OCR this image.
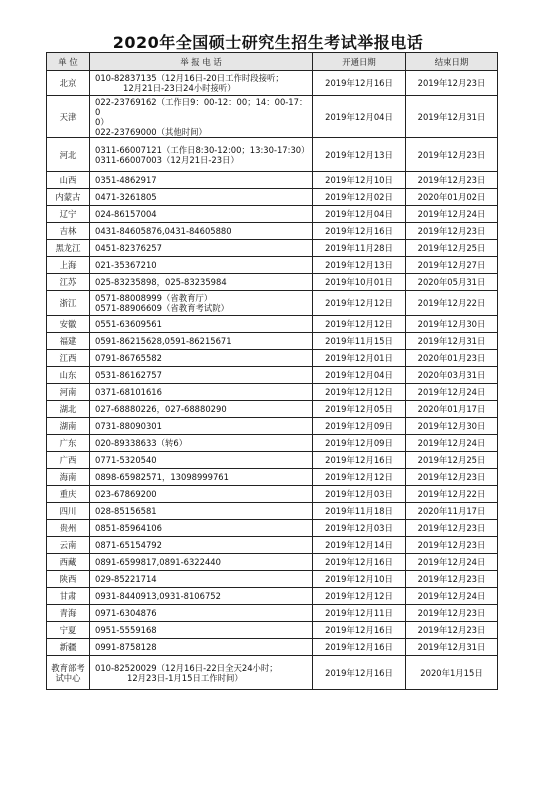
2020年全国硕士研究生招生考试举报电话
单 位	举 报 电 话	开通日期	结束日期
北京	010-82837135（12月16日-20日工作时段接听；
12月21日-23日24小时接听）	2019年12月16日	2019年12月23日
天津	022-23769162（工作日9：00-12：00；14：00-17：0
0）
022-23769000（其他时间）	2019年12月04日	2019年12月31日
河北	0311-66007121（工作日8:30-12:00；13:30-17:30）
0311-66007003（12月21日-23日）	2019年12月13日	2019年12月23日
山西	0351-4862917	2019年12月10日	2019年12月23日
内蒙古	0471-3261805	2019年12月02日	2020年01月02日
辽宁	024-86157004	2019年12月04日	2019年12月24日
吉林	0431-84605876,0431-84605880	2019年12月16日	2019年12月23日
黑龙江	0451-82376257	2019年11月28日	2019年12月25日
上海	021-35367210	2019年12月13日	2019年12月27日
江苏	025-83235898，025-83235984	2019年10月01日	2020年05月31日
浙江	0571-88008999（省教育厅）
0571-88906609（省教育考试院）	2019年12月12日	2019年12月22日
安徽	0551-63609561	2019年12月12日	2019年12月30日
福建	0591-86215628,0591-86215671	2019年11月15日	2019年12月31日
江西	0791-86765582	2019年12月01日	2020年01月23日
山东	0531-86162757	2019年12月04日	2020年03月31日
河南	0371-68101616	2019年12月12日	2019年12月24日
湖北	027-68880226，027-68880290	2019年12月05日	2020年01月17日
湖南	0731-88090301	2019年12月09日	2019年12月30日
广东	020-89338633（转6）	2019年12月09日	2019年12月24日
广西	0771-5320540	2019年12月16日	2019年12月25日
海南	0898-65982571，13098999761	2019年12月12日	2019年12月23日
重庆	023-67869200	2019年12月03日	2019年12月22日
四川	028-85156581	2019年11月18日	2020年11月17日
贵州	0851-85964106	2019年12月03日	2019年12月23日
云南	0871-65154792	2019年12月14日	2019年12月23日
西藏	0891-6599817,0891-6322440	2019年12月16日	2019年12月24日
陕西	029-85221714	2019年12月10日	2019年12月23日
甘肃	0931-8440913,0931-8106752	2019年12月12日	2019年12月24日
青海	0971-6304876	2019年12月11日	2019年12月23日
宁夏	0951-5559168	2019年12月16日	2019年12月23日
新疆	0991-8758128	2019年12月16日	2019年12月31日

教育部考
试中心	010-82520029（12月16日-22日全天24小时；
12月23日-1月15日工作时间）	2019年12月16日	2020年1月15日
